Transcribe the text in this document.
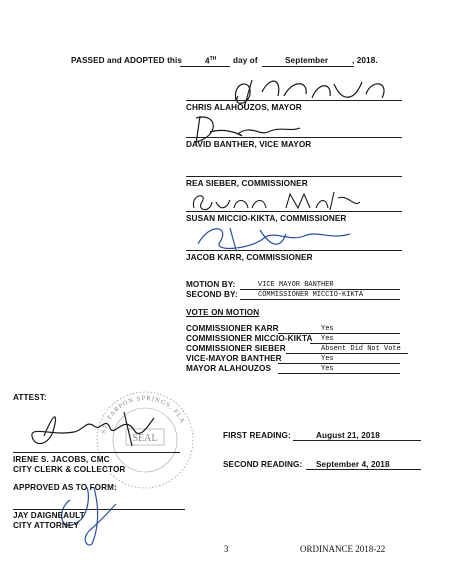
PASSED and ADOPTED this	4TH day of	September	, 2018.
CHRIS ALAHOUZOS, MAYOR
DAVID BANTHER, VICE MAYOR
REA SIEBER, COMMISSIONER
SUSAN MICCIO-KIKTA, COMMISSIONER
JACOB KARR, COMMISSIONER
MOTION BY:	VICE MAYOR BANTHER
SECOND BY:	COMMISSIONER MICCIO-KIKTA
VOTE ON MOTION
COMMISSIONER KARR	Yes
COMMISSIONER MICCIO-KIKTA Yes
COMMISSIONER SIEBER	Absent Did Not Vote
VICE-MAYOR BANTHER	Yes
MAYOR ALAHOUZOS	Yes
ATTEST:
ST. TARPON SPRINGS, FLA
SEAL
IRENE S. JACOBS, CMC
CITY CLERK & COLLECTOR
APPROVED AS TO FORM:
JAY DAIGNEAULT
CITY ATTORNEY
FIRST READING:	August 21, 2018
SECOND READING: September 4, 2018
3	ORDINANCE 2018-22
